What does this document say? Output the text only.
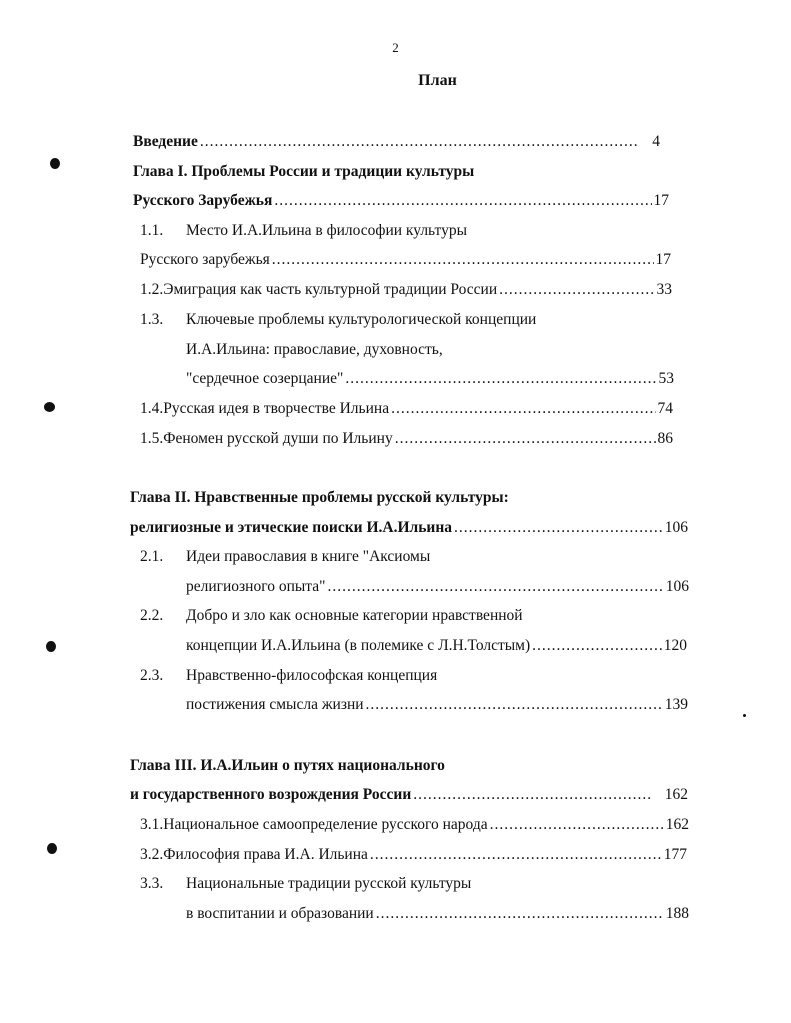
2
План
Введение .....	4
Глава I. Проблемы России и традиции культуры
Русского Зарубежья .....	17
1.1. Место И.А.Ильина в философии культуры
Русского зарубежья .....	17
1.2. Эмиграция как часть культурной традиции России .....	33
1.3. Ключевые проблемы культурологической концепции
И.А.Ильина: православие, духовность,
"сердечное созерцание" .....	53
1.4. Русская идея в творчестве Ильина .....	74
1.5. Феномен русской души по Ильину .....	86
Глава II. Нравственные проблемы русской культуры:
религиозные и этические поиски И.А.Ильина .....	106
2.1. Идеи православия в книге "Аксиомы
религиозного опыта" .....	106
2.2. Добро и зло как основные категории нравственной
концепции И.А.Ильина (в полемике с Л.Н.Толстым) .....	120
2.3. Нравственно-философская концепция
постижения смысла жизни .....	139
Глава III. И.А.Ильин о путях национального
и государственного возрождения России .....	162
3.1. Национальное самоопределение русского народа .....	162
3.2. Философия права И.А. Ильина .....	177
3.3. Национальные традиции русской культуры
в воспитании и образовании .....	188
